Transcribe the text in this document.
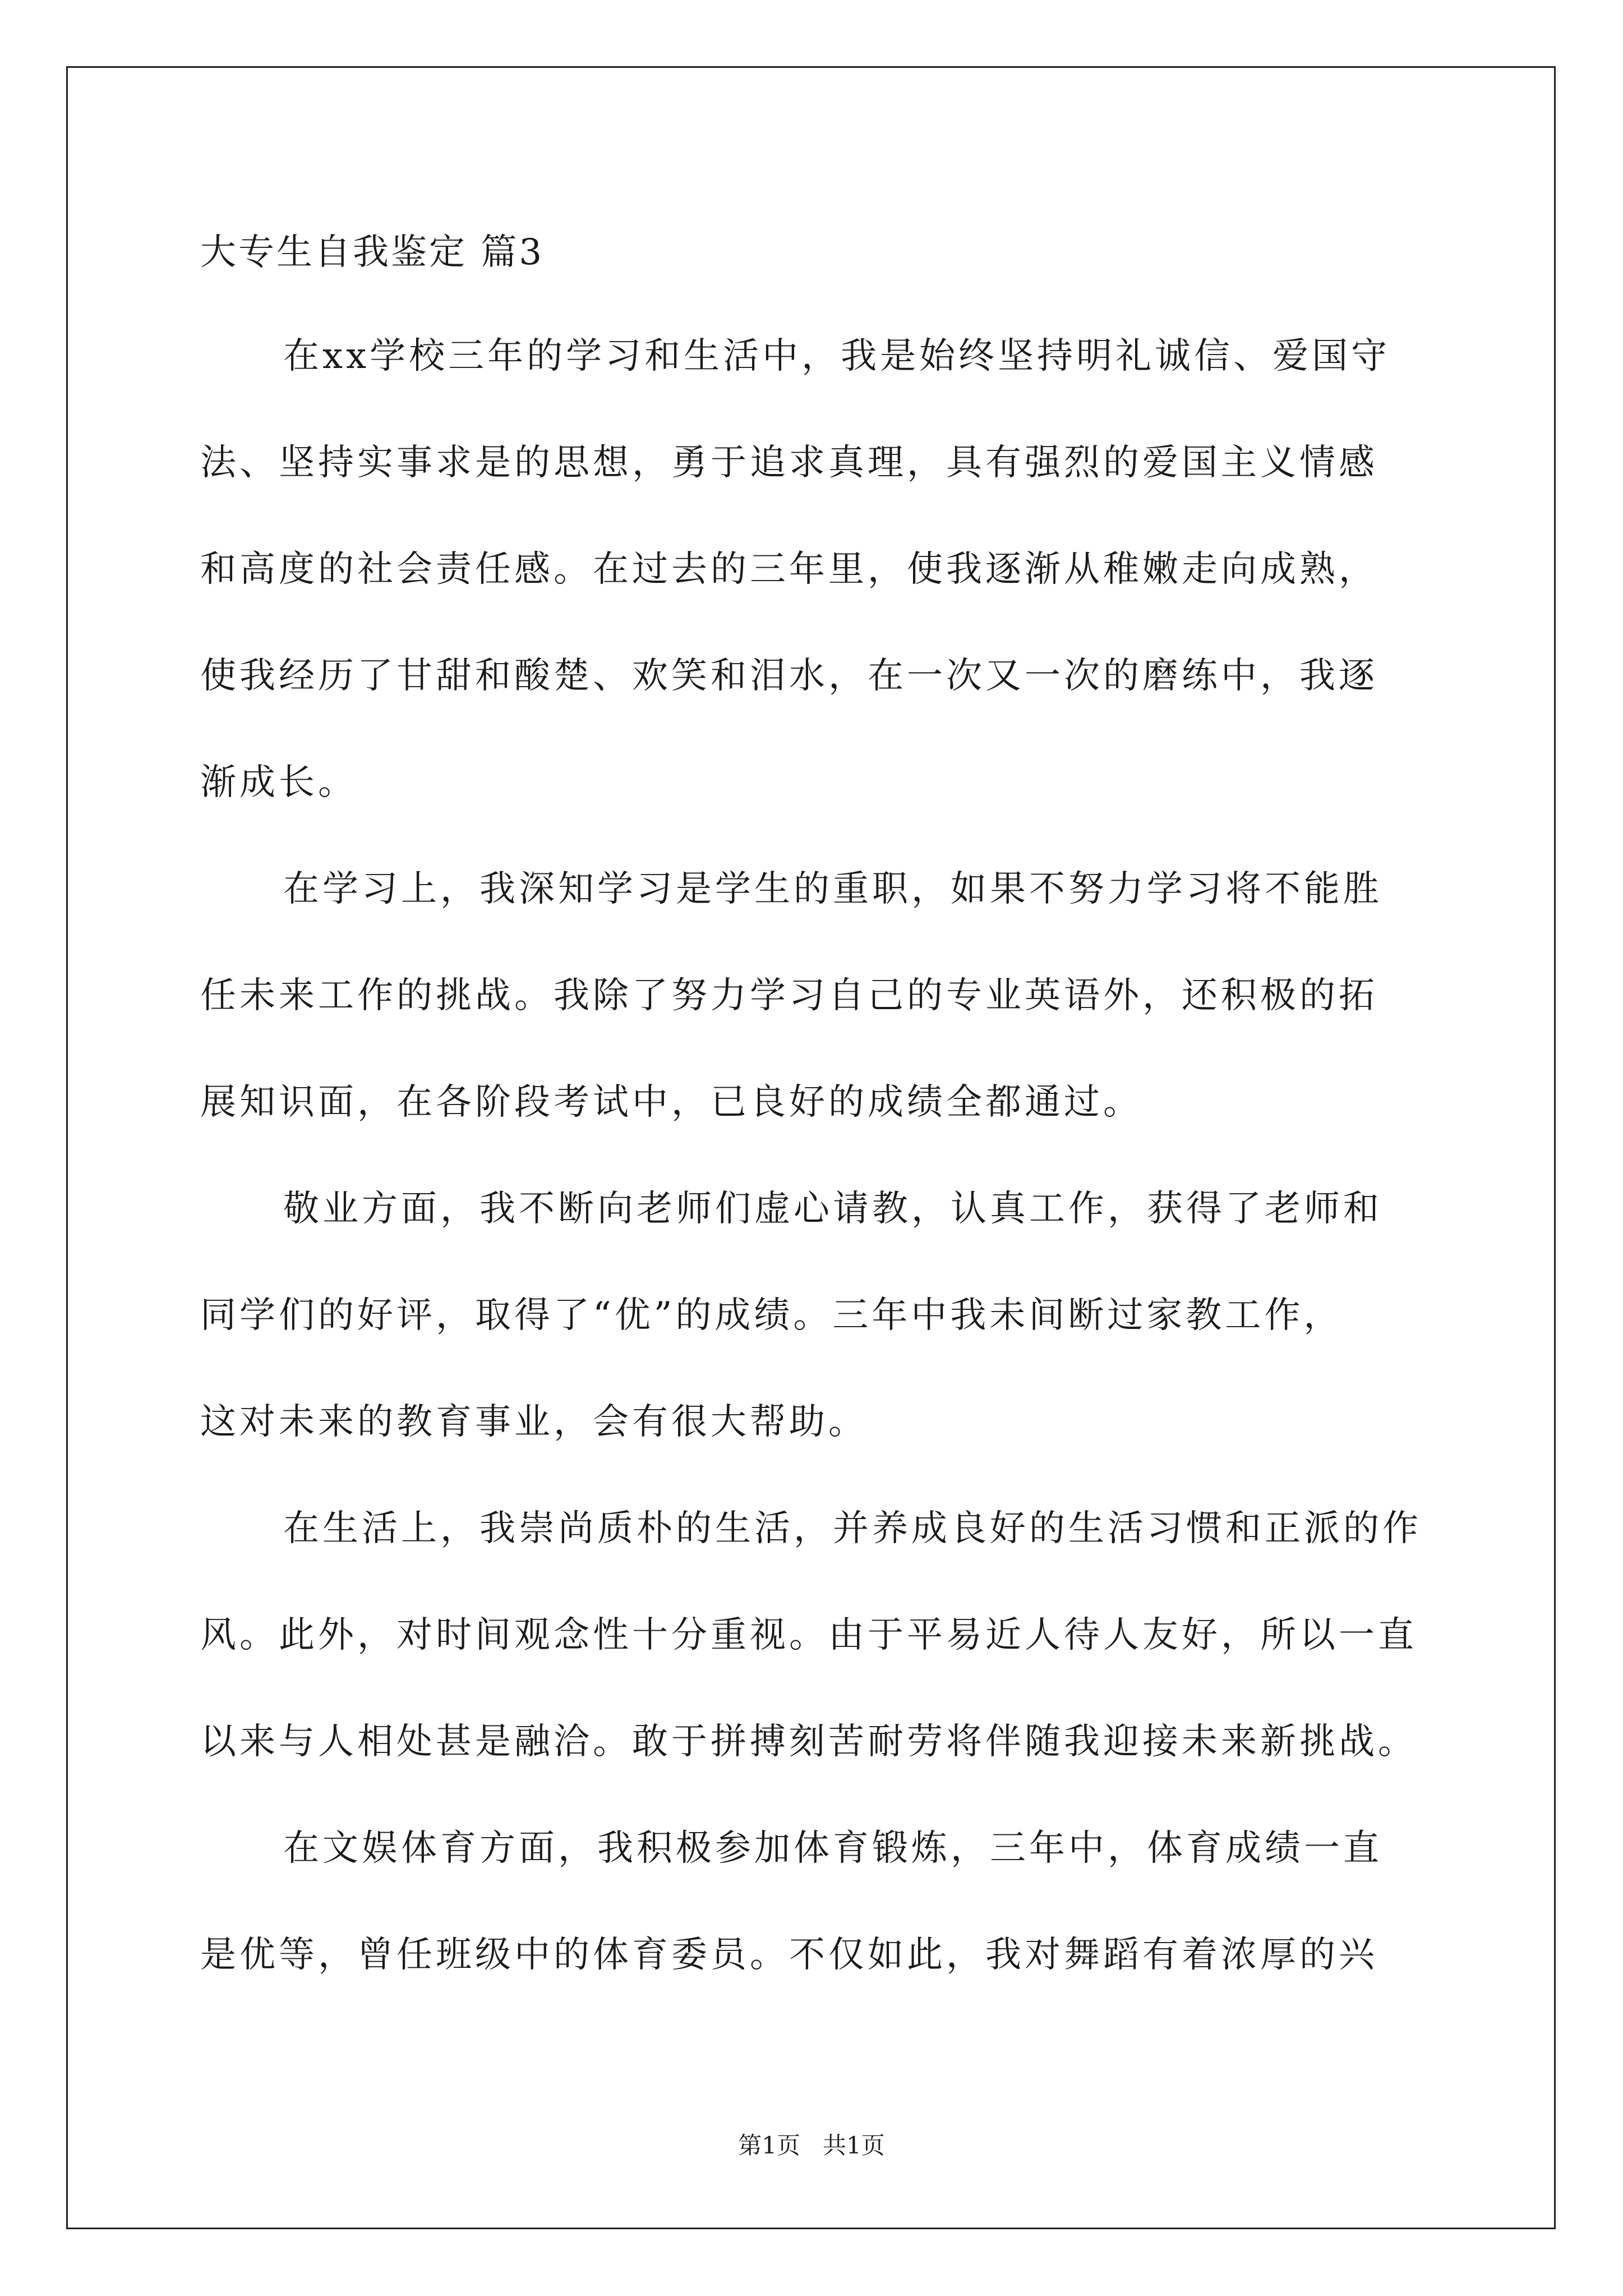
大专生自我鉴定 篇3
在xx学校三年的学习和生活中，我是始终坚持明礼诚信、爱国守
法、坚持实事求是的思想，勇于追求真理，具有强烈的爱国主义情感
和高度的社会责任感。在过去的三年里，使我逐渐从稚嫩走向成熟，
使我经历了甘甜和酸楚、欢笑和泪水，在一次又一次的磨练中，我逐
渐成长。
在学习上，我深知学习是学生的重职，如果不努力学习将不能胜
任未来工作的挑战。我除了努力学习自己的专业英语外，还积极的拓
展知识面，在各阶段考试中，已良好的成绩全都通过。
敬业方面，我不断向老师们虚心请教，认真工作，获得了老师和
同学们的好评，取得了“优”的成绩。三年中我未间断过家教工作，
这对未来的教育事业，会有很大帮助。
在生活上，我崇尚质朴的生活，并养成良好的生活习惯和正派的作
风。此外，对时间观念性十分重视。由于平易近人待人友好，所以一直
以来与人相处甚是融洽。敢于拼搏刻苦耐劳将伴随我迎接未来新挑战。
在文娱体育方面，我积极参加体育锻炼，三年中，体育成绩一直
是优等，曾任班级中的体育委员。不仅如此，我对舞蹈有着浓厚的兴
第1页 共1页
